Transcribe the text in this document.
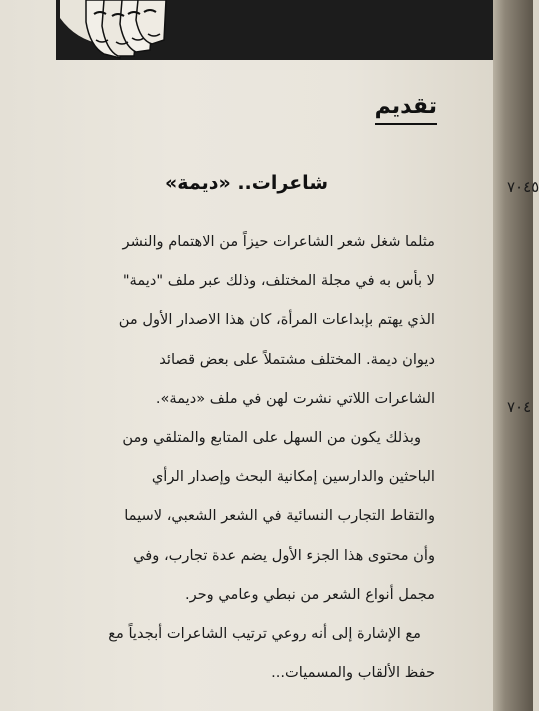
تقديم
شاعرات.. «ديمة»
مثلما شغل شعر الشاعرات حيزاً من الاهتمام والنشر
لا بأس به في مجلة المختلف، وذلك عبر ملف "ديمة"
الذي يهتم بإبداعات المرأة، كان هذا الاصدار الأول من
ديوان ديمة. المختلف مشتملاً على بعض قصائد
الشاعرات اللاتي نشرت لهن في ملف «ديمة».
وبذلك يكون من السهل على المتابع والمتلقي ومن
الباحثين والدارسين إمكانية البحث وإصدار الرأي
والتقاط التجارب النسائية في الشعر الشعبي، لاسيما
وأن محتوى هذا الجزء الأول يضم عدة تجارب، وفي
مجمل أنواع الشعر من نبطي وعامي وحر.
مع الإشارة إلى أنه روعي ترتيب الشاعرات أبجدياً مع
حفظ الألقاب والمسميات...
٧٠٤٥
٧٠٤
